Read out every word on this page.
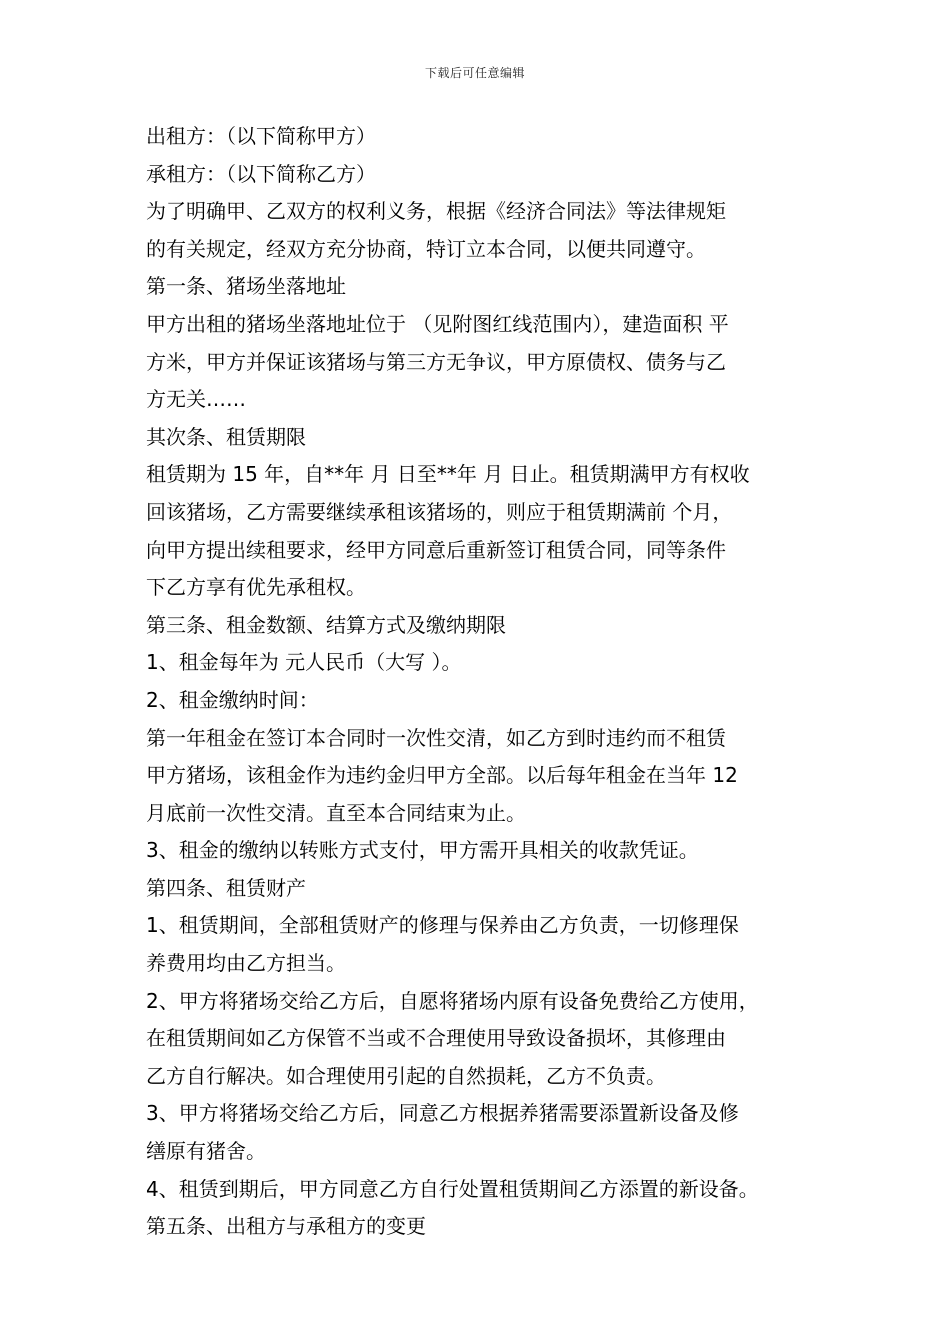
下载后可任意编辑
出租方：（以下简称甲方）
承租方：（以下简称乙方）
为了明确甲、乙双方的权利义务，根据《经济合同法》等法律规矩
的有关规定，经双方充分协商，特订立本合同，以便共同遵守。
第一条、猪场坐落地址
甲方出租的猪场坐落地址位于 （见附图红线范围内），建造面积 平
方米，甲方并保证该猪场与第三方无争议，甲方原债权、债务与乙
方无关……
其次条、租赁期限
租赁期为 15 年，自**年 月 日至**年 月 日止。租赁期满甲方有权收
回该猪场，乙方需要继续承租该猪场的，则应于租赁期满前 个月，
向甲方提出续租要求，经甲方同意后重新签订租赁合同，同等条件
下乙方享有优先承租权。
第三条、租金数额、结算方式及缴纳期限
1、租金每年为 元人民币（大写 ）。
2、租金缴纳时间：
第一年租金在签订本合同时一次性交清，如乙方到时违约而不租赁
甲方猪场，该租金作为违约金归甲方全部。以后每年租金在当年 12
月底前一次性交清。直至本合同结束为止。
3、租金的缴纳以转账方式支付，甲方需开具相关的收款凭证。
第四条、租赁财产
1、租赁期间，全部租赁财产的修理与保养由乙方负责，一切修理保
养费用均由乙方担当。
2、甲方将猪场交给乙方后，自愿将猪场内原有设备免费给乙方使用，
在租赁期间如乙方保管不当或不合理使用导致设备损坏，其修理由
乙方自行解决。如合理使用引起的自然损耗，乙方不负责。
3、甲方将猪场交给乙方后，同意乙方根据养猪需要添置新设备及修
缮原有猪舍。
4、租赁到期后，甲方同意乙方自行处置租赁期间乙方添置的新设备。
第五条、出租方与承租方的变更
